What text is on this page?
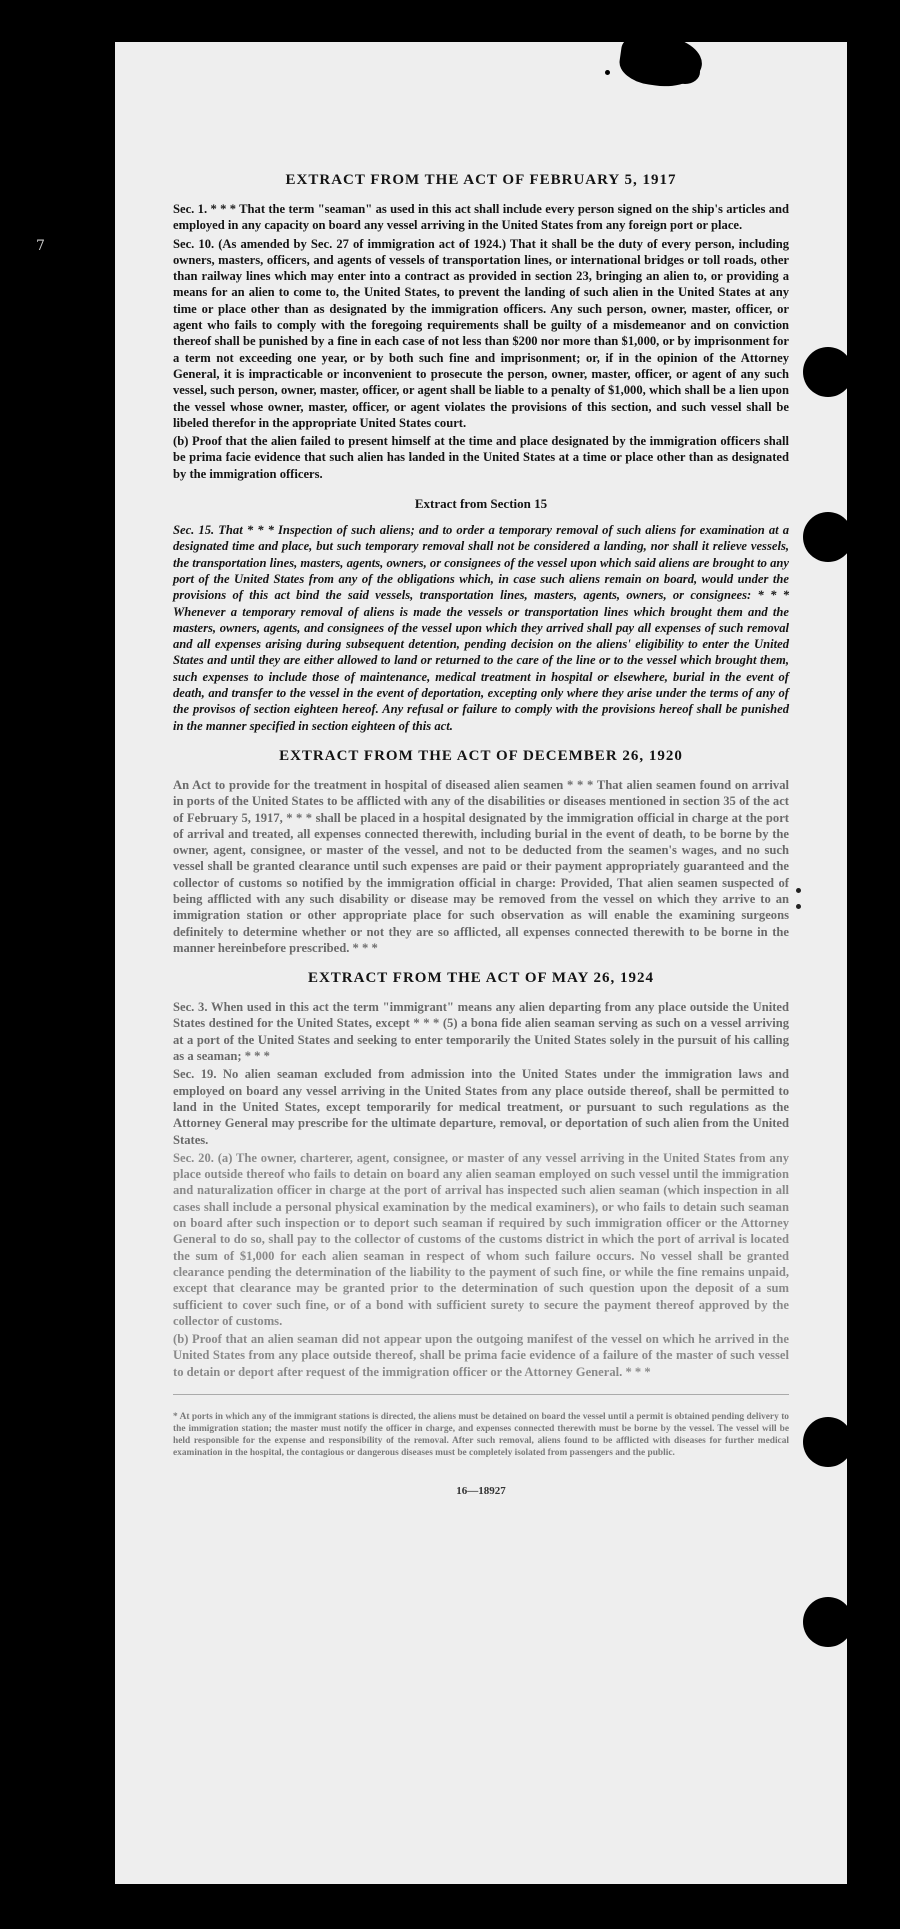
EXTRACT FROM THE ACT OF FEBRUARY 5, 1917

Sec. 1. * * * That the term "seaman" as used in this act shall include every person signed on the ship's articles and employed in any capacity on board any vessel arriving in the United States from any foreign port or place.

Sec. 10. (As amended by Sec. 27 of immigration act of 1924.) That it shall be the duty of every person, including owners, masters, officers, and agents of vessels of transportation lines, or international bridges or toll roads, other than railway lines which may enter into a contract as provided in section 23, bringing an alien to, or providing a means for an alien to come to, the United States, to prevent the landing of such alien in the United States at any time or place other than as designated by the immigration officers. Any such person, owner, master, officer, or agent who fails to comply with the foregoing requirements shall be guilty of a misdemeanor and on conviction thereof shall be punished by a fine in each case of not less than $200 nor more than $1,000, or by imprisonment for a term not exceeding one year, or by both such fine and imprisonment; or, if in the opinion of the Attorney General, it is impracticable or inconvenient to prosecute the person, owner, master, officer, or agent of any such vessel, such person, owner, master, officer, or agent shall be liable to a penalty of $1,000, which shall be a lien upon the vessel whose owner, master, officer, or agent violates the provisions of this section, and such vessel shall be libeled therefor in the appropriate United States court.

(b) Proof that the alien failed to present himself at the time and place designated by the immigration officers shall be prima facie evidence that such alien has landed in the United States at a time or place other than as designated by the immigration officers.

Extract from Section 15

Sec. 15. That * * * Inspection of such aliens; and to order a temporary removal of such aliens for examination at a designated time and place, but such temporary removal shall not be considered a landing, nor shall it relieve vessels, the transportation lines, masters, agents, owners, or consignees of the vessel upon which said aliens are brought to any port of the United States from any of the obligations which, in case such aliens remain on board, would under the provisions of this act bind the said vessels, transportation lines, masters, agents, owners, or consignees: * * * Whenever a temporary removal of aliens is made the vessels or transportation lines which brought them and the masters, owners, agents, and consignees of the vessel upon which they arrived shall pay all expenses of such removal and all expenses arising during subsequent detention, pending decision on the aliens' eligibility to enter the United States and until they are either allowed to land or returned to the care of the line or to the vessel which brought them, such expenses to include those of maintenance, medical treatment in hospital or elsewhere, burial in the event of death, and transfer to the vessel in the event of deportation, excepting only where they arise under the terms of any of the provisos of section eighteen hereof. Any refusal or failure to comply with the provisions hereof shall be punished in the manner specified in section eighteen of this act.

EXTRACT FROM THE ACT OF DECEMBER 26, 1920

An Act to provide for the treatment in hospital of diseased alien seamen * * * That alien seamen found on arrival in ports of the United States to be afflicted with any of the disabilities or diseases mentioned in section 35 of the act of February 5, 1917, * * * shall be placed in a hospital designated by the immigration official in charge at the port of arrival and treated, all expenses connected therewith, including burial in the event of death, to be borne by the owner, agent, consignee, or master of the vessel, and not to be deducted from the seamen's wages, and no such vessel shall be granted clearance until such expenses are paid or their payment appropriately guaranteed and the collector of customs so notified by the immigration official in charge: Provided, That alien seamen suspected of being afflicted with any such disability or disease may be removed from the vessel on which they arrive to an immigration station or other appropriate place for such observation as will enable the examining surgeons definitely to determine whether or not they are so afflicted, all expenses connected therewith to be borne in the manner hereinbefore prescribed. * * *

EXTRACT FROM THE ACT OF MAY 26, 1924

Sec. 3. When used in this act the term "immigrant" means any alien departing from any place outside the United States destined for the United States, except * * * (5) a bona fide alien seaman serving as such on a vessel arriving at a port of the United States and seeking to enter temporarily the United States solely in the pursuit of his calling as a seaman; * * *

Sec. 19. No alien seaman excluded from admission into the United States under the immigration laws and employed on board any vessel arriving in the United States from any place outside thereof, shall be permitted to land in the United States, except temporarily for medical treatment, or pursuant to such regulations as the Attorney General may prescribe for the ultimate departure, removal, or deportation of such alien from the United States.

Sec. 20. (a) The owner, charterer, agent, consignee, or master of any vessel arriving in the United States from any place outside thereof who fails to detain on board any alien seaman employed on such vessel until the immigration and naturalization officer in charge at the port of arrival has inspected such alien seaman (which inspection in all cases shall include a personal physical examination by the medical examiners), or who fails to detain such seaman on board after such inspection or to deport such seaman if required by such immigration officer or the Attorney General to do so, shall pay to the collector of customs of the customs district in which the port of arrival is located the sum of $1,000 for each alien seaman in respect of whom such failure occurs. No vessel shall be granted clearance pending the determination of the liability to the payment of such fine, or while the fine remains unpaid, except that clearance may be granted prior to the determination of such question upon the deposit of a sum sufficient to cover such fine, or of a bond with sufficient surety to secure the payment thereof approved by the collector of customs.

(b) Proof that an alien seaman did not appear upon the outgoing manifest of the vessel on which he arrived in the United States from any place outside thereof, shall be prima facie evidence of a failure of the master of such vessel to detain or deport after request of the immigration officer or the Attorney General. * * *

* At ports in which any of the immigrant stations is directed, the aliens must be detained on board the vessel until a permit is obtained pending delivery to the immigration station; the master must notify the officer in charge, and expenses connected therewith must be borne by the vessel. The vessel will be held responsible for the expense and responsibility of the removal. After such removal, aliens found to be afflicted with diseases for further medical examination in the hospital, the contagious or dangerous diseases must be completely isolated from passengers and the public.

16—18927
7
